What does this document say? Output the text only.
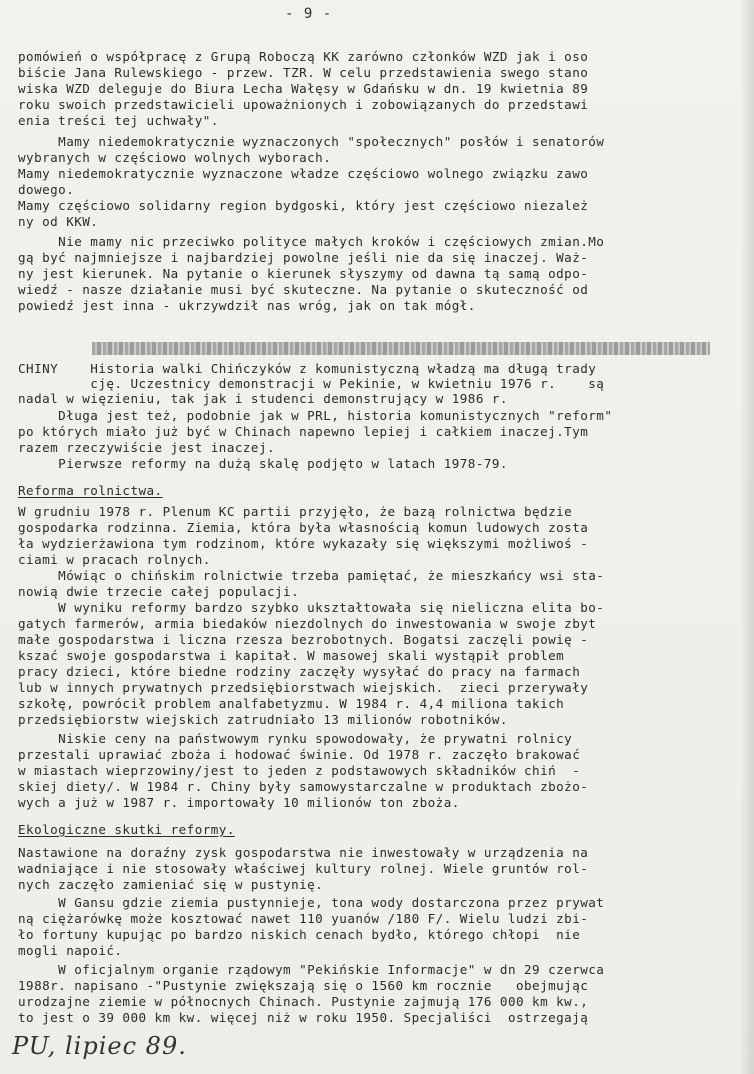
- 9 -
pomówień o współpracę z Grupą Roboczą KK zarówno członków WZD jak i oso
biście Jana Rulewskiego - przew. TZR. W celu przedstawienia swego stano
wiska WZD deleguje do Biura Lecha Wałęsy w Gdańsku w dn. 19 kwietnia 89
roku swoich przedstawicieli upoważnionych i zobowiązanych do przedstawi
enia treści tej uchwały".
Mamy niedemokratycznie wyznaczonych "społecznych" posłów i senatorów
wybranych w częściowo wolnych wyborach.
Mamy niedemokratycznie wyznaczone władze częściowo wolnego związku zawo
dowego.
Mamy częściowo solidarny region bydgoski, który jest częściowo niezależ
ny od KKW.
Nie mamy nic przeciwko polityce małych kroków i częściowych zmian.Mo
gą być najmniejsze i najbardziej powolne jeśli nie da się inaczej. Waż-
ny jest kierunek. Na pytanie o kierunek słyszymy od dawna tą samą odpo-
wiedź - nasze działanie musi być skuteczne. Na pytanie o skuteczność od
powiedź jest inna - ukrzywdził nas wróg, jak on tak mógł.
CHINY    Historia walki Chińczyków z komunistyczną władzą ma długą trady
cję. Uczestnicy demonstracji w Pekinie, w kwietniu 1976 r.    są
nadal w więzieniu, tak jak i studenci demonstrujący w 1986 r.
Długa jest też, podobnie jak w PRL, historia komunistycznych "reform"
po których miało już być w Chinach napewno lepiej i całkiem inaczej.Tym
razem rzeczywiście jest inaczej.
Pierwsze reformy na dużą skalę podjęto w latach 1978-79.
Reforma rolnictwa.
W grudniu 1978 r. Plenum KC partii przyjęło, że bazą rolnictwa będzie
gospodarka rodzinna. Ziemia, która była własnością komun ludowych zosta
ła wydzierżawiona tym rodzinom, które wykazały się większymi możliwoś -
ciami w pracach rolnych.
Mówiąc o chińskim rolnictwie trzeba pamiętać, że mieszkańcy wsi sta-
nowią dwie trzecie całej populacji.
W wyniku reformy bardzo szybko ukształtowała się nieliczna elita bo-
gatych farmerów, armia biedaków niezdolnych do inwestowania w swoje zbyt
małe gospodarstwa i liczna rzesza bezrobotnych. Bogatsi zaczęli powię -
kszać swoje gospodarstwa i kapitał. W masowej skali wystąpił problem
pracy dzieci, które biedne rodziny zaczęły wysyłać do pracy na farmach
lub w innych prywatnych przedsiębiorstwach wiejskich.  zieci przerywały
szkołę, powrócił problem analfabetyzmu. W 1984 r. 4,4 miliona takich
przedsiębiorstw wiejskich zatrudniało 13 milionów robotników.
Niskie ceny na państwowym rynku spowodowały, że prywatni rolnicy
przestali uprawiać zboża i hodować świnie. Od 1978 r. zaczęło brakować
w miastach wieprzowiny/jest to jeden z podstawowych składników chiń  -
skiej diety/. W 1984 r. Chiny były samowystarczalne w produktach zbożo-
wych a już w 1987 r. importowały 10 milionów ton zboża.
Ekologiczne skutki reformy.
Nastawione na doraźny zysk gospodarstwa nie inwestowały w urządzenia na
wadniające i nie stosowały właściwej kultury rolnej. Wiele gruntów rol-
nych zaczęło zamieniać się w pustynię.
W Gansu gdzie ziemia pustynnieje, tona wody dostarczona przez prywat
ną ciężarówkę może kosztować nawet 110 yuanów /180 F/. Wielu ludzi zbi-
ło fortuny kupując po bardzo niskich cenach bydło, którego chłopi  nie
mogli napoić.
W oficjalnym organie rządowym "Pekińskie Informacje" w dn 29 czerwca
1988r. napisano -"Pustynie zwiększają się o 1560 km rocznie   obejmując
urodzajne ziemie w północnych Chinach. Pustynie zajmują 176 000 km kw.,
to jest o 39 000 km kw. więcej niż w roku 1950. Specjaliści  ostrzegają
PU, lipiec 89.
